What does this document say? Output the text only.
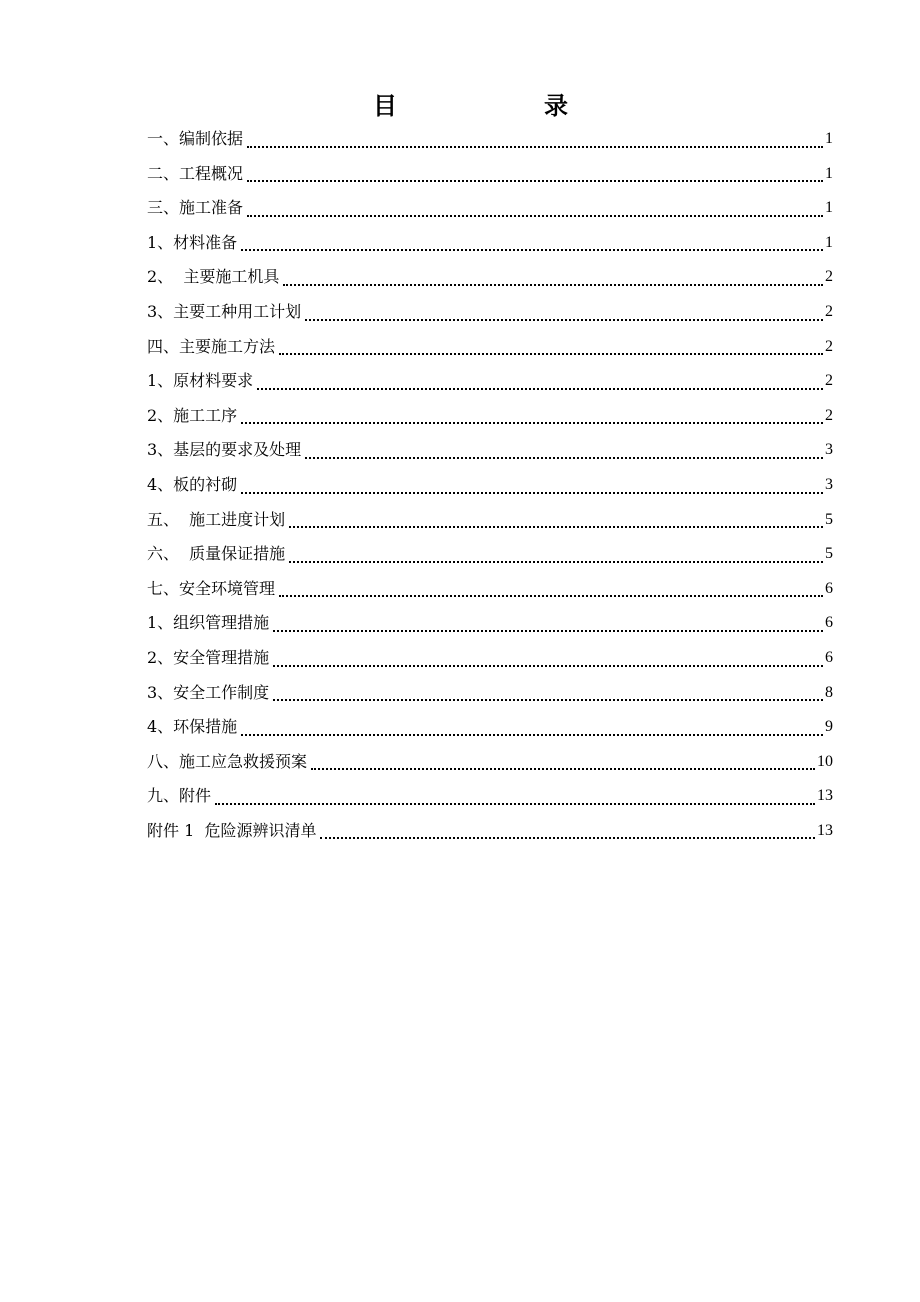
目	录
一、编制依据	1
二、工程概况	1
三、施工准备	1
1、材料准备	1
2、  主要施工机具	2
3、主要工种用工计划	2
四、主要施工方法	2
1、原材料要求	2
2、施工工序	2
3、基层的要求及处理	3
4、板的衬砌	3
五、  施工进度计划	5
六、  质量保证措施	5
七、安全环境管理	6
1、组织管理措施	6
2、安全管理措施	6
3、安全工作制度	8
4、环保措施	9
八、施工应急救援预案	10
九、附件	13
附件 1  危险源辨识清单	13
